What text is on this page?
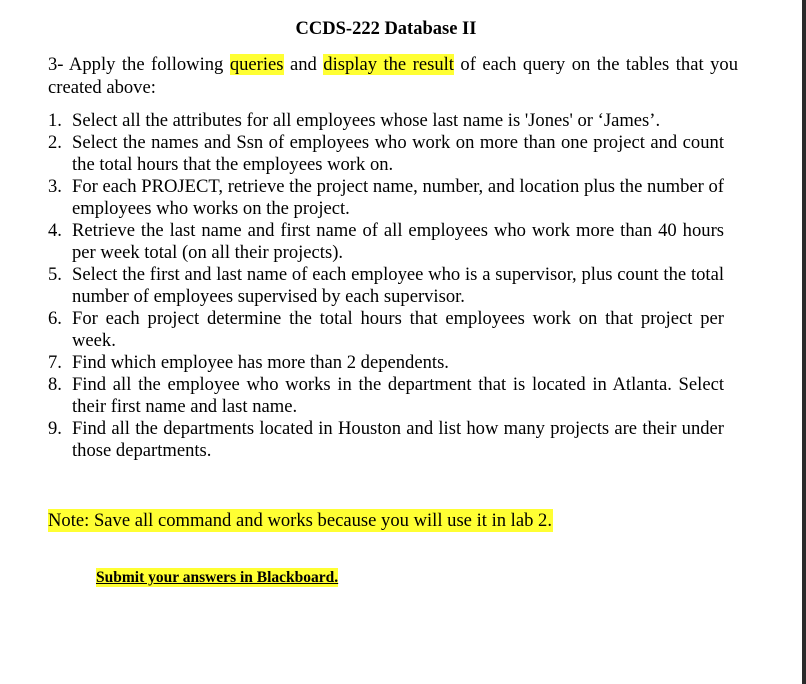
CCDS-222 Database II
3- Apply the following queries and display the result of each query on the tables that you created above:
1. Select all the attributes for all employees whose last name is 'Jones' or ‘James’.
2. Select the names and Ssn of employees who work on more than one project and count the total hours that the employees work on.
3. For each PROJECT, retrieve the project name, number, and location plus the number of employees who works on the project.
4. Retrieve the last name and first name of all employees who work more than 40 hours per week total (on all their projects).
5. Select the first and last name of each employee who is a supervisor, plus count the total number of employees supervised by each supervisor.
6. For each project determine the total hours that employees work on that project per week.
7. Find which employee has more than 2 dependents.
8. Find all the employee who works in the department that is located in Atlanta. Select their first name and last name.
9. Find all the departments located in Houston and list how many projects are their under those departments.
Note: Save all command and works because you will use it in lab 2.
Submit your answers in Blackboard.
